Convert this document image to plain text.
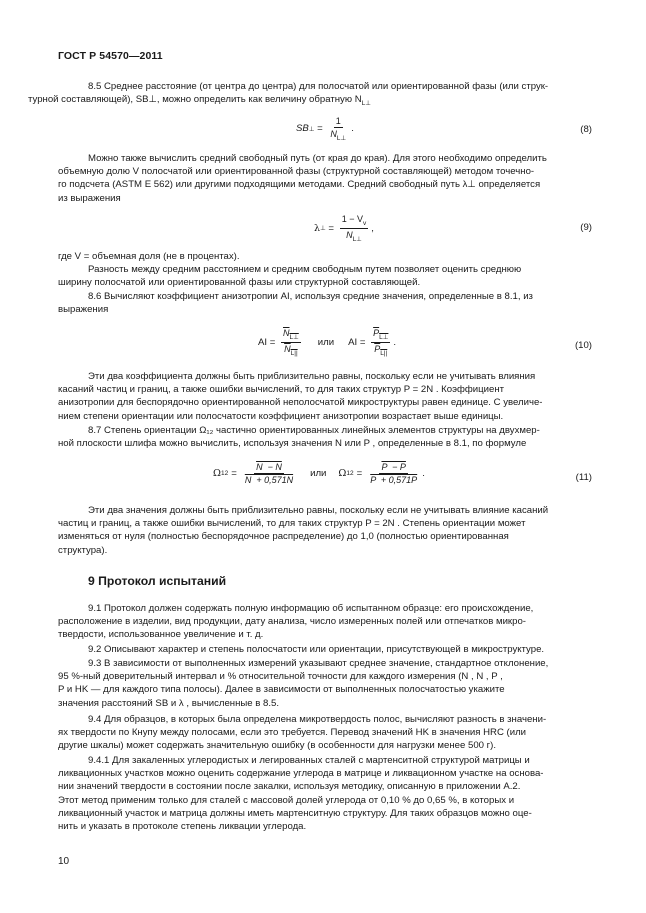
ГОСТ Р 54570—2011
8.5 Среднее расстояние (от центра до центра) для полосчатой или ориентированной фазы (или струк-
турной составляющей), SB⊥, можно определить как величину обратную $N_{L\perp}$
SB ⊥ = $\frac{1}{N_{L\perp}}$ .	(8)
Можно также вычислить средний свободный путь (от края до края). Для этого необходимо определить
объемную долю V полосчатой или ориентированной фазы (структурной составляющей) методом точечно-
го подсчета (ASTM E 562) или другими подходящими методами. Средний свободный путь λ⊥ определяется
из выражения
λ ⊥ = $\frac{1 - V_v}{N_{L\perp}}$ ,	(9)
где V = объемная доля (не в процентах).
Разность между средним расстоянием и средним свободным путем позволяет оценить среднюю
ширину полосчатой или ориентированной фазы или структурной составляющей.
8.6 Вычисляют коэффициент анизотропии AI, используя средние значения, определенные в 8.1, из
выражения
AI = $\frac{N_{L\perp}}{N_{L||}}$ или AI = $\frac{P_{L\perp}}{P_{L||}}$ .	(10)
Эти два коэффициента должны быть приблизительно равны, поскольку если не учитывать влияния
касаний частиц и границ, а также ошибки вычислений, то для таких структур P = 2N . Коэффициент
анизотропии для беспорядочно ориентированной неполосчатой микроструктуры равен единице. С увеличе-
нием степени ориентации или полосчатости коэффициент анизотропии возрастает выше единицы.
8.7 Степень ориентации Ω₁₂ частично ориентированных линейных элементов структуры на двухмер-
ной плоскости шлифа можно вычислить, используя значения N или P , определенные в 8.1, по формуле
Ω $12 = \frac{N - N}{N + 0,571N}$ или Ω $12 = \frac{P - P}{P + 0,571P}$ .	(11)
Эти два значения должны быть приблизительно равны, поскольку если не учитывать влияние касаний
частиц и границ, а также ошибки вычислений, то для таких структур P = 2N . Степень ориентации может
изменяться от нуля (полностью беспорядочное распределение) до 1,0 (полностью ориентированная
структура).
9 Протокол испытаний
9.1 Протокол должен содержать полную информацию об испытанном образце: его происхождение,
расположение в изделии, вид продукции, дату анализа, число измеренных полей или отпечатков микро-
твердости, использованное увеличение и т. д.
9.2 Описывают характер и степень полосчатости или ориентации, присутствующей в микроструктуре.
9.3 В зависимости от выполненных измерений указывают среднее значение, стандартное отклонение,
95 %-ный доверительный интервал и % относительной точности для каждого измерения (N , N , P ,
P и HK — для каждого типа полосы). Далее в зависимости от выполненных полосчатостью укажите
значения расстояний SB и λ , вычисленные в 8.5.
9.4 Для образцов, в которых была определена микротвердость полос, вычисляют разность в значени-
ях твердости по Кнупу между полосами, если это требуется. Перевод значений HK в значения HRC (или
другие шкалы) может содержать значительную ошибку (в особенности для нагрузки менее 500 г).
9.4.1 Для закаленных углеродистых и легированных сталей с мартенситной структурой матрицы и
ликвационных участков можно оценить содержание углерода в матрице и ликвационном участке на основа-
нии значений твердости в состоянии после закалки, используя методику, описанную в приложении А.2.
Этот метод применим только для сталей с массовой долей углерода от 0,10 % до 0,65 %, в которых и
ликвационный участок и матрица должны иметь мартенситную структуру. Для таких образцов можно оце-
нить и указать в протоколе степень ликвации углерода.
10
